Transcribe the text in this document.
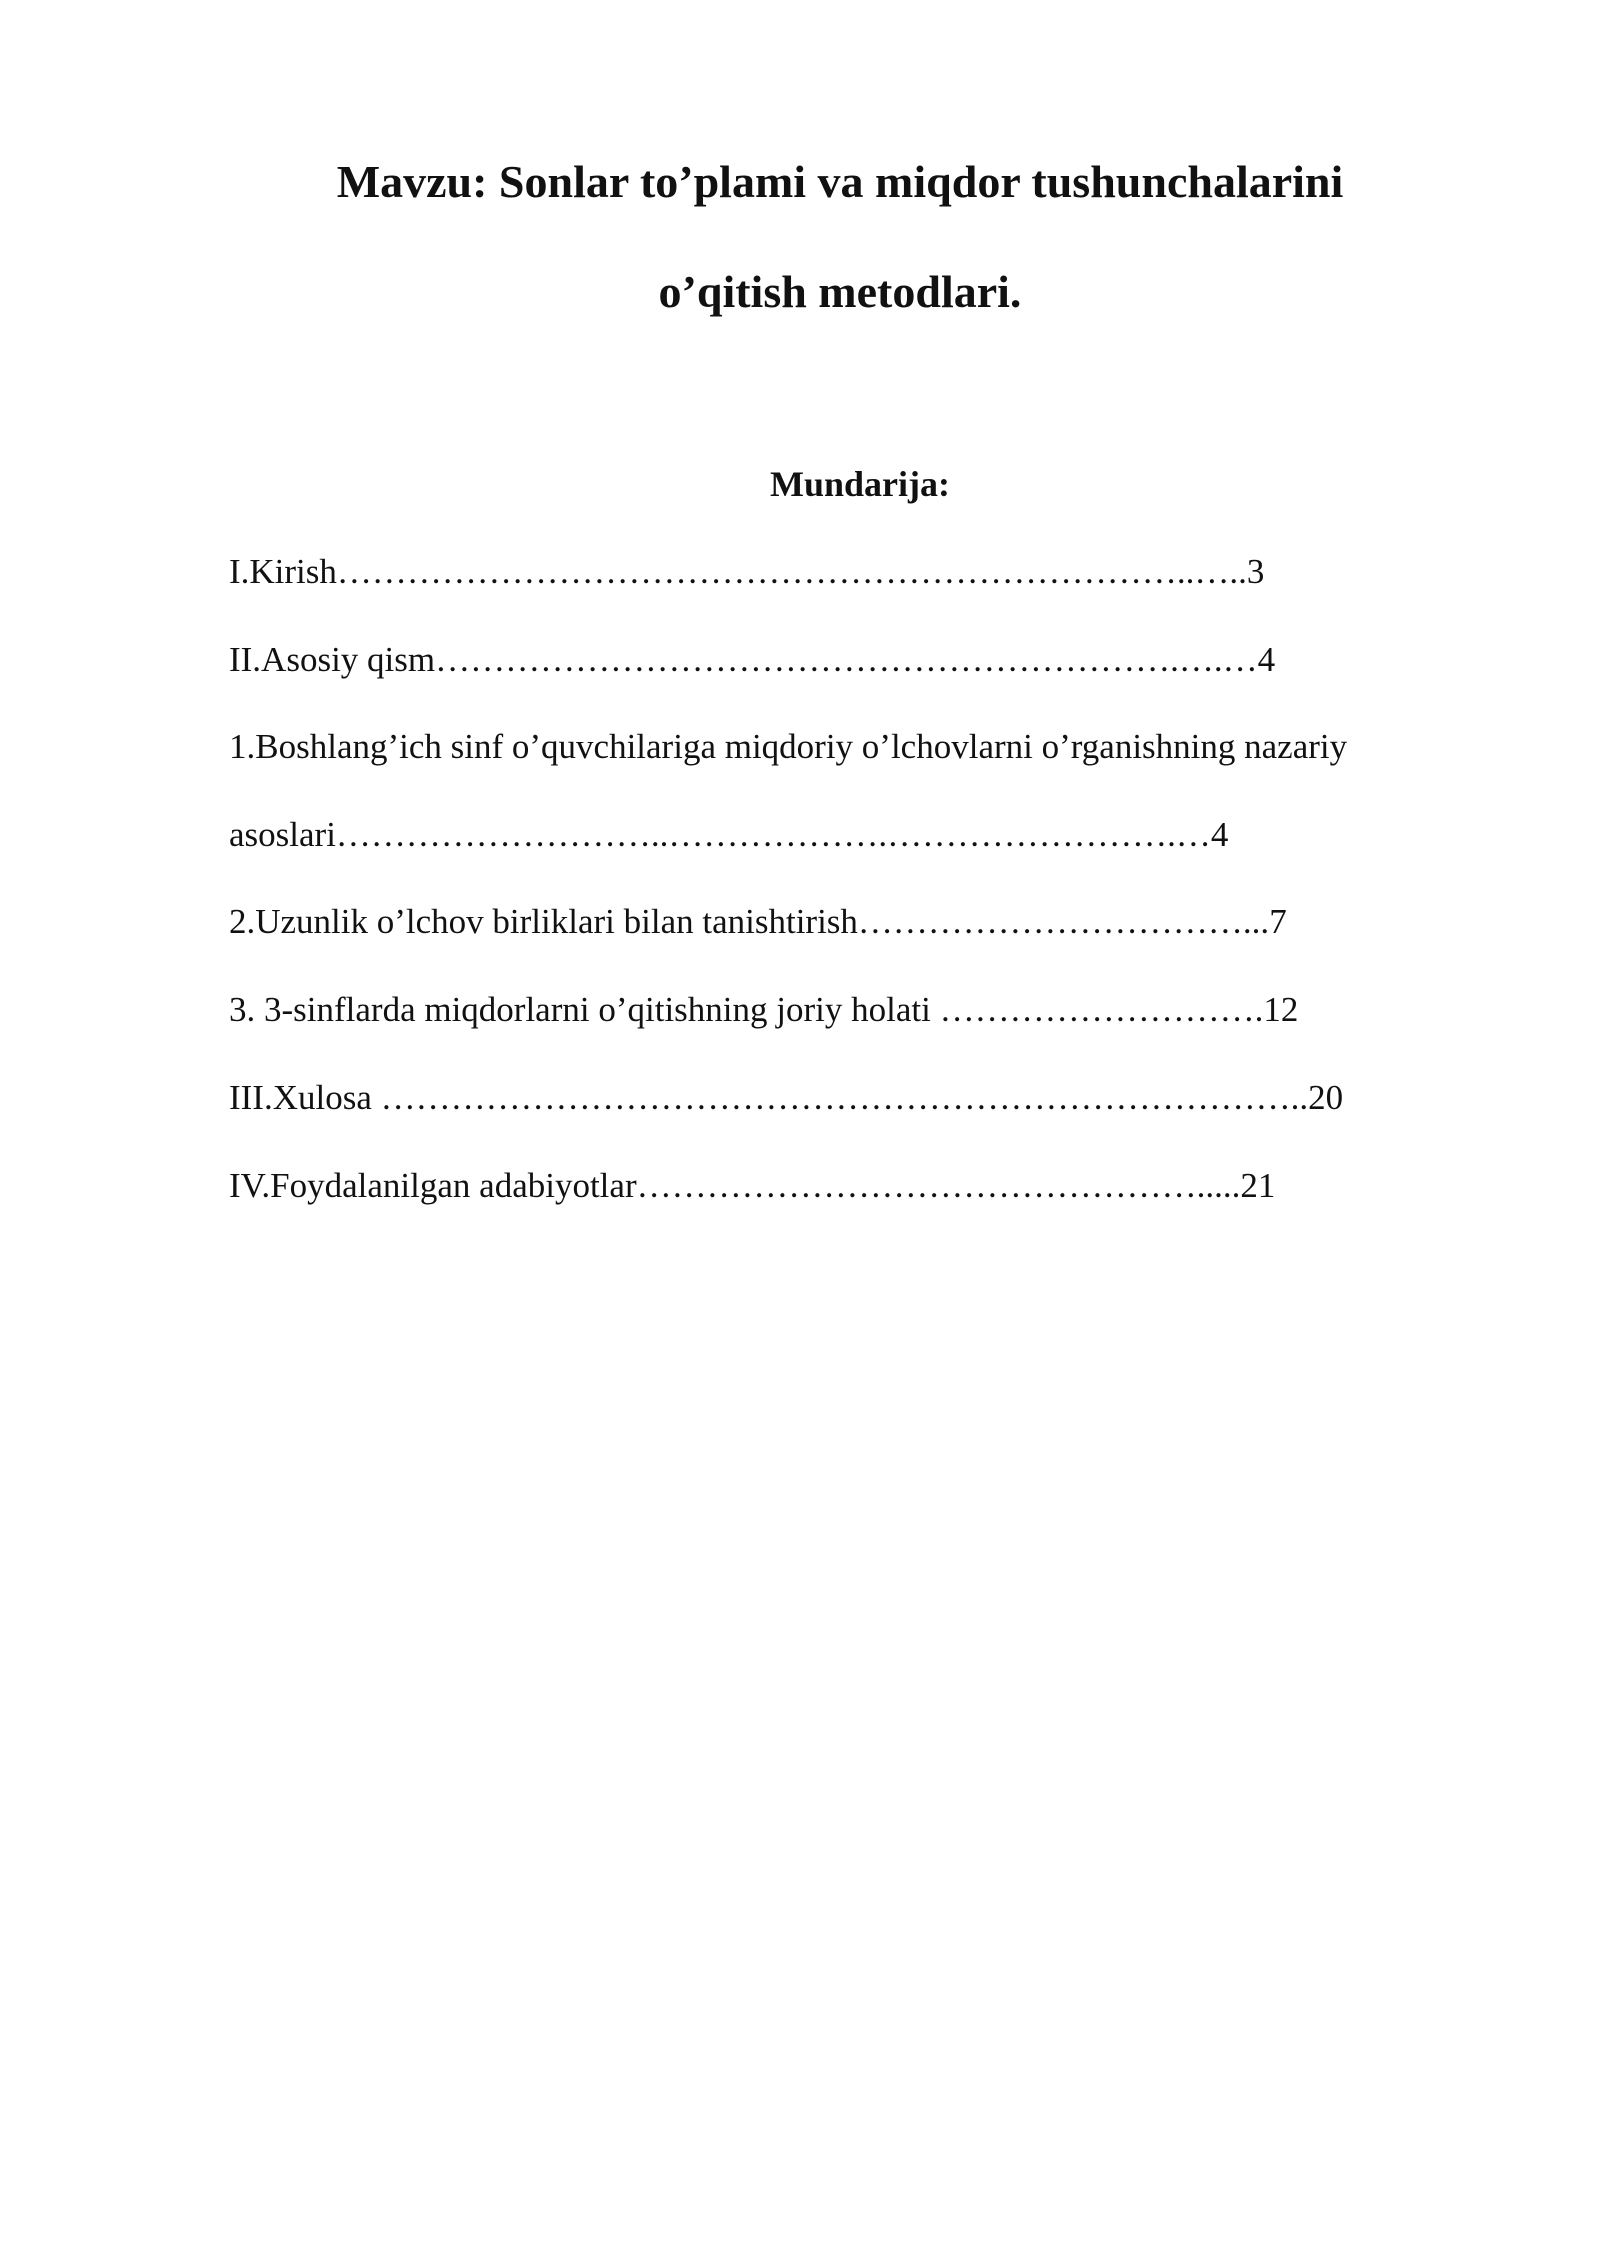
Mavzu: Sonlar to’plami va miqdor tushunchalarini
o’qitish metodlari.
Mundarija:
I.Kirish………………………………………………………………..…..3
II.Asosiy qism……………………………………………………….….…4
1.Boshlang’ich sinf o’quvchilariga miqdoriy o’lchovlarni o’rganishning nazariy
asoslari………………………..……………….…………………….…4
2.Uzunlik o’lchov birliklari bilan tanishtirish……………………………...7
3. 3-sinflarda miqdorlarni o’qitishning joriy holati ……………………….12
III.Xulosa ……………………………………………………………………..20
IV.Foydalanilgan adabiyotlar………………………………………….....21
